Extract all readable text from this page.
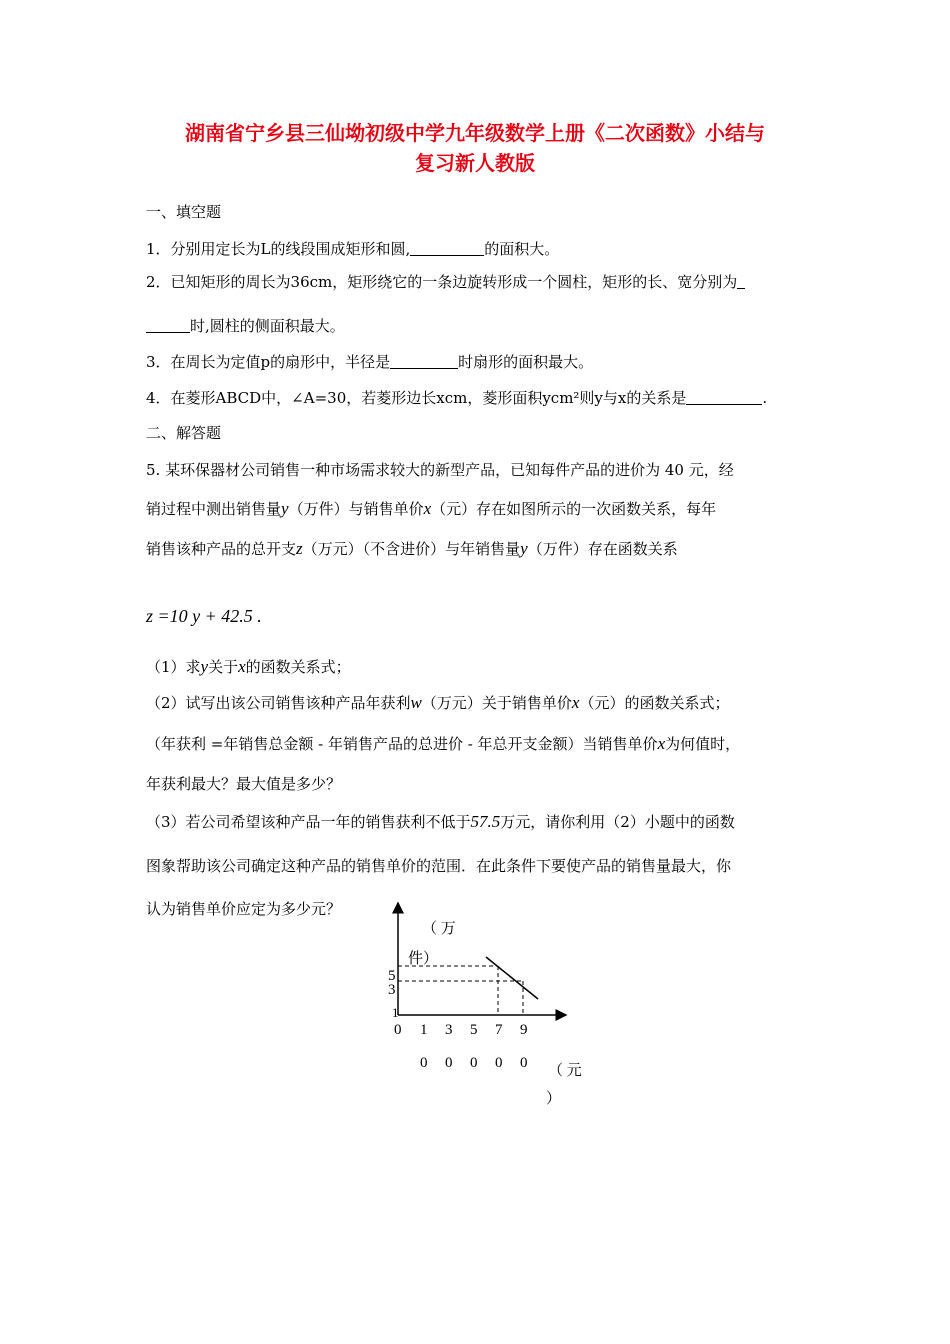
湖南省宁乡县三仙坳初级中学九年级数学上册《二次函数》小结与
复习新人教版
一、填空题
1．分别用定长为L的线段围成矩形和圆,	的面积大。
2．已知矩形的周长为36cm，矩形绕它的一条边旋转形成一个圆柱，矩形的长、宽分别为
时,圆柱的侧面积最大。
3．在周长为定值p的扇形中，半径是	时扇形的面积最大。
4．在菱形ABCD中，∠A=30，若菱形边长xcm，菱形面积ycm²则y与x的关系是	.
二、解答题
5. 某环保器材公司销售一种市场需求较大的新型产品，已知每件产品的进价为 40 元，经
销过程中测出销售量y（万件）与销售单价x（元）存在如图所示的一次函数关系，每年
销售该种产品的总开支z（万元）（不含进价）与年销售量y（万件）存在函数关系
z =10 y + 42.5 .
（1）求y关于x的函数关系式；
（2）试写出该公司销售该种产品年获利w（万元）关于销售单价x（元）的函数关系式；
（年获利 =年销售总金额 - 年销售产品的总进价 - 年总开支金额）当销售单价x为何值时，
年获利最大？最大值是多少？
（3）若公司希望该种产品一年的销售获利不低于57.5万元，请你利用（2）小题中的函数
图象帮助该公司确定这种产品的销售单价的范围．在此条件下要使产品的销售量最大，你
认为销售单价应定为多少元？
（ 万
件）
5
3
1
0 1 3 5 7 9
0 0 0 0 0 （ 元
）
